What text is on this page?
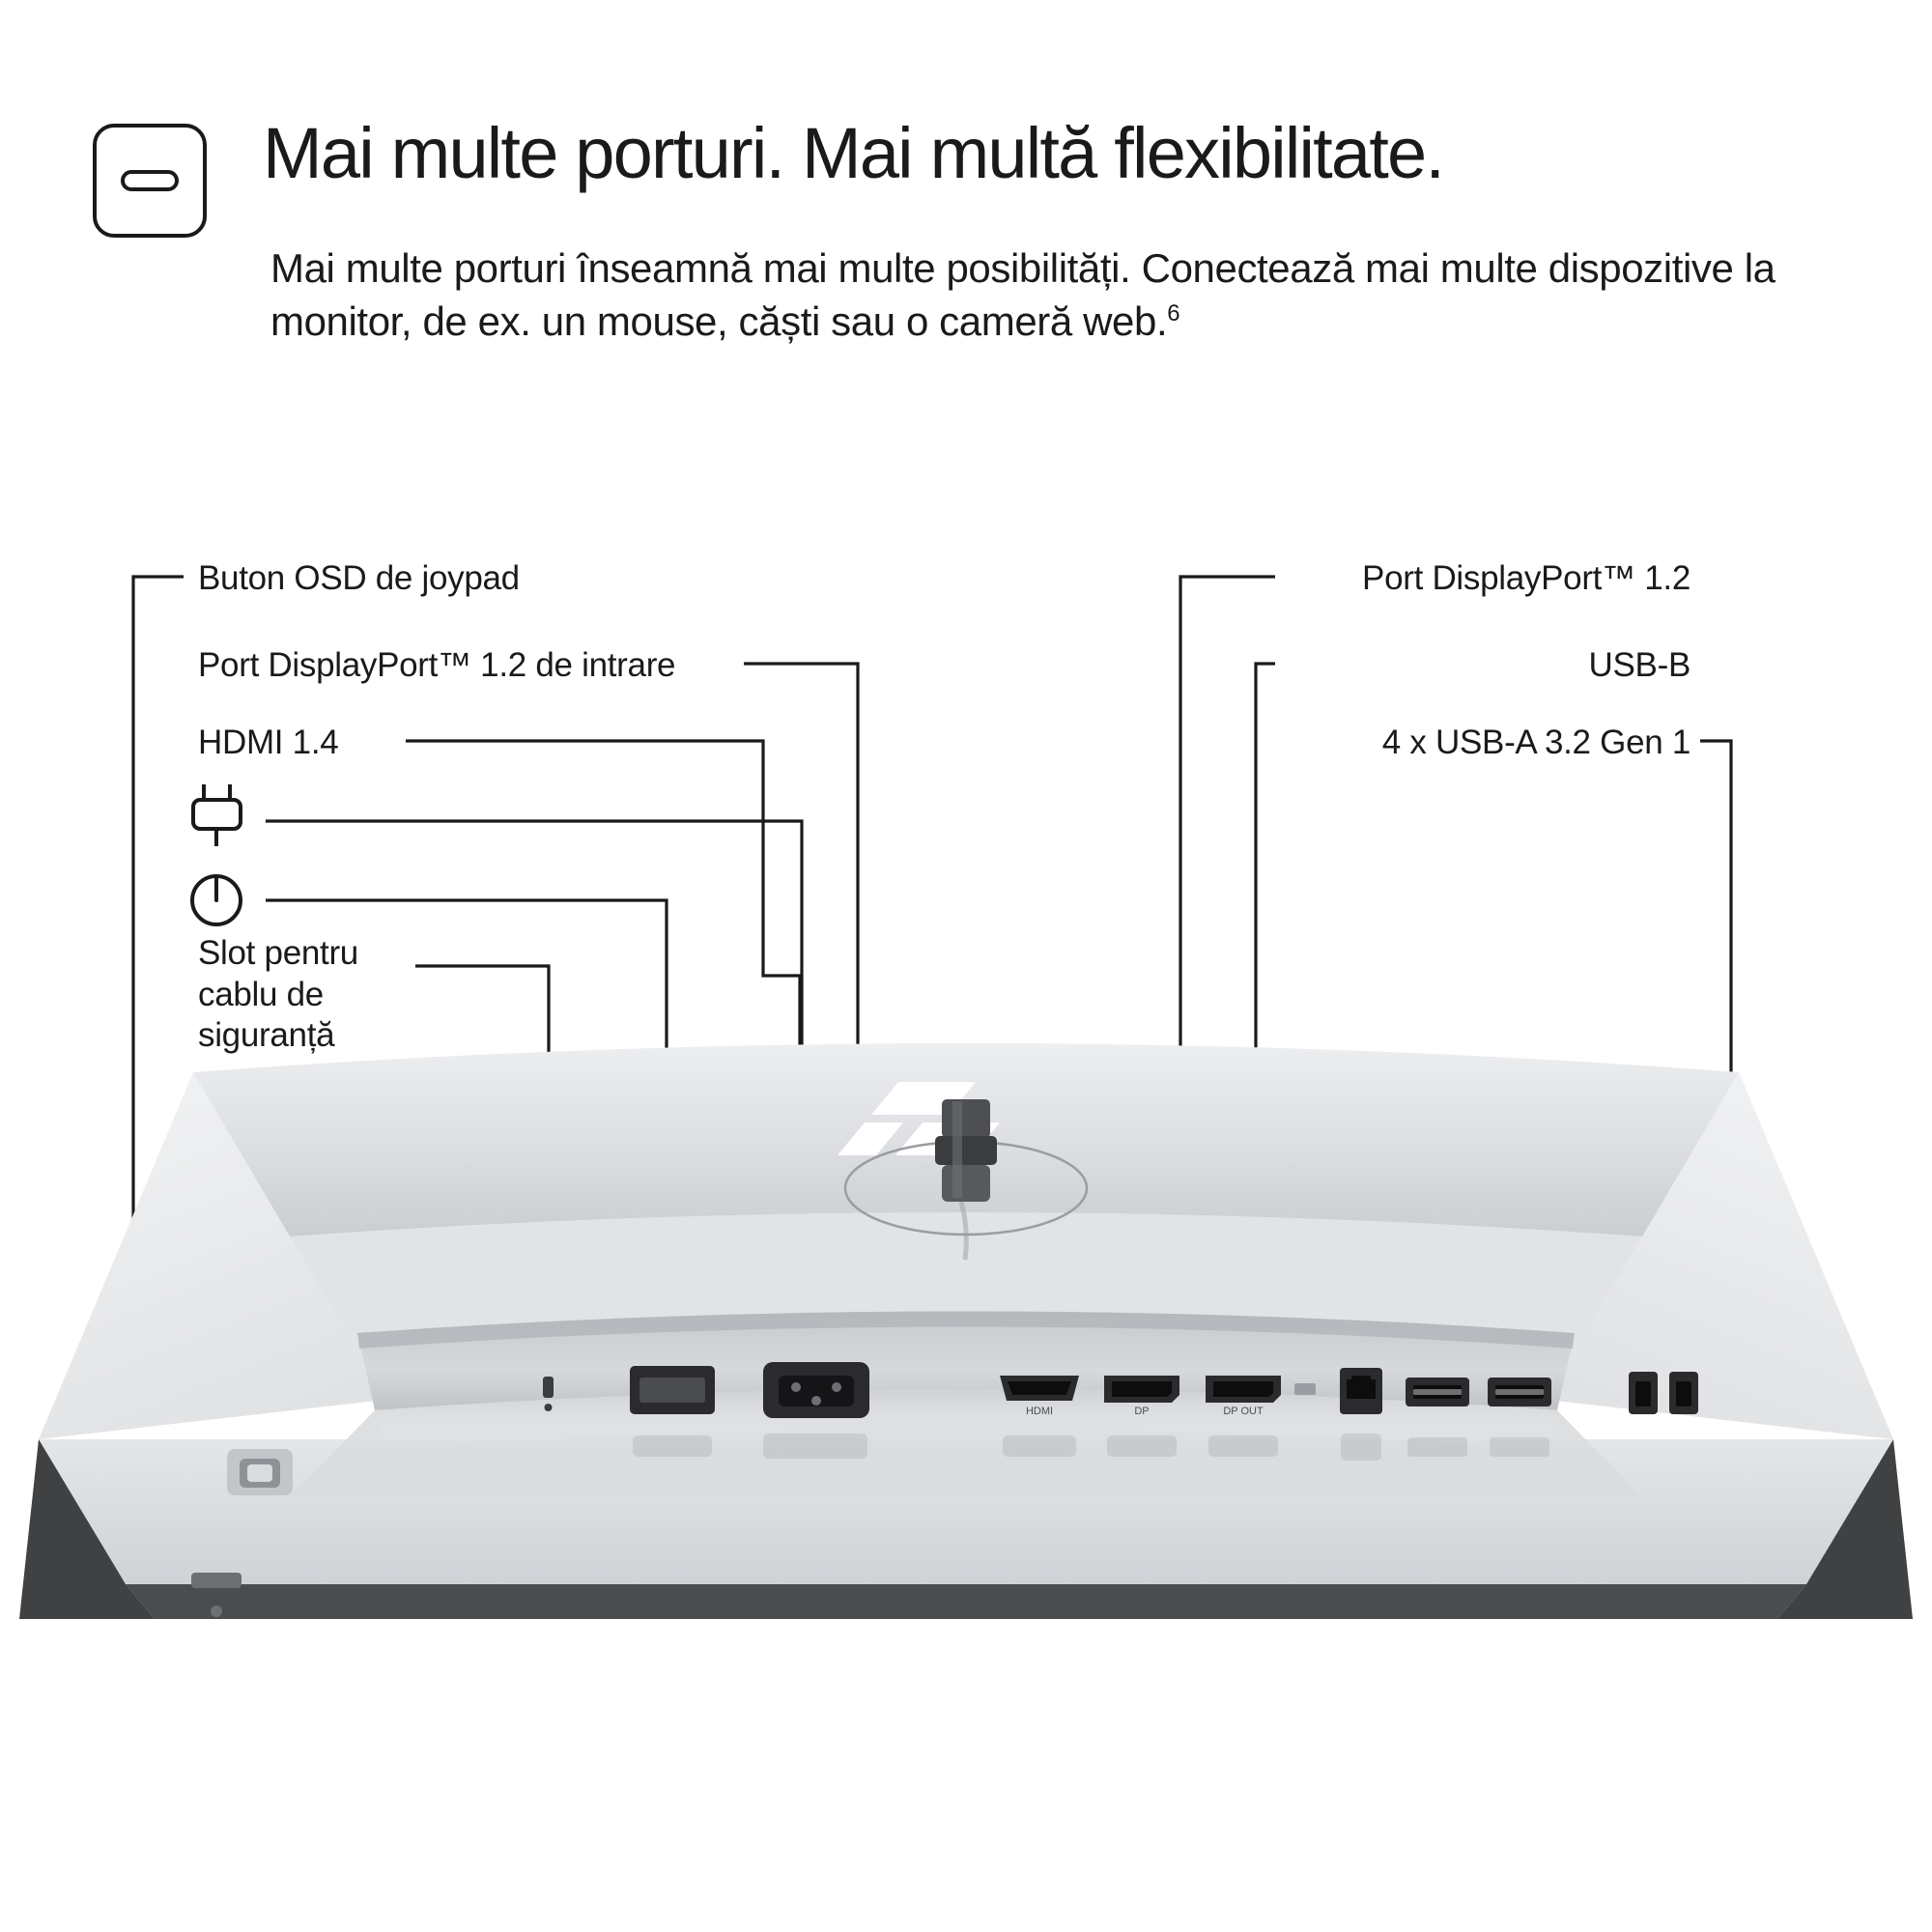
Mai multe porturi. Mai multă flexibilitate.
Mai multe porturi înseamnă mai multe posibilități. Conectează mai multe dispozitive la monitor, de ex. un mouse, căști sau o cameră web.$^6$
Buton OSD de joypad
Port DisplayPort™ 1.2 de intrare
HDMI 1.4
Slot pentru cablu de siguranță
Port DisplayPort™ 1.2
USB-B
4 x USB-A 3.2 Gen 1
HDMI	DP	DP OUT
